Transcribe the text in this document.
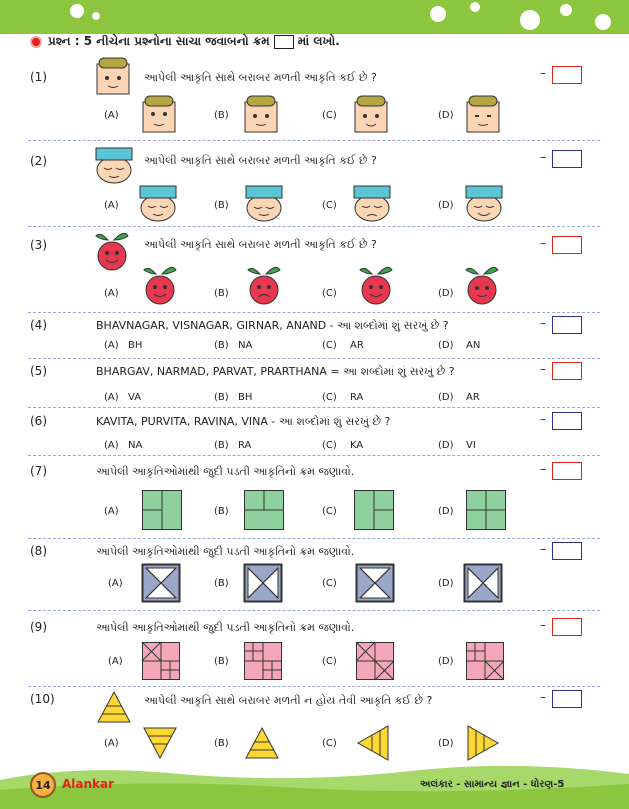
પ્રશ્ન : 5 નીચેના પ્રશ્નોના સાચા જવાબનો ક્રમ માં લખો.
(1)	આપેલી આકૃતિ સાથે બરાબર મળતી આકૃતિ કઈ છે ?	–
(A)	(B)	(C)	(D)
(2)	આપેલી આકૃતિ સાથે બરાબર મળતી આકૃતિ કઈ છે ?	–
(A)	(B)	(C)	(D)
(3)	આપેલી આકૃતિ સાથે બરાબર મળતી આકૃતિ કઈ છે ?	–
(A)	(B)	(C)	(D)
(4)	BHAVNAGAR, VISNAGAR, GIRNAR, ANAND - આ શબ્દોમાં શું સરખું છે ?	–
(A) BH	(B) NA	(C) AR	(D) AN
(5)	BHARGAV, NARMAD, PARVAT, PRARTHANA = આ શબ્દોમાં શું સરખું છે ?	–
(A) VA	(B) BH	(C) RA	(D) AR
(6)	KAVITA, PURVITA, RAVINA, VINA - આ શબ્દોમાં શું સરખું છે ?	–
(A) NA	(B) RA	(C) KA	(D) VI
(7)	આપેલી આકૃતિઓમાંથી જુદી પડતી આકૃતિનો ક્રમ જણાવો.	–
(A)	(B)	(C)	(D)
(8)	આપેલી આકૃતિઓમાંથી જુદી પડતી આકૃતિનો ક્રમ જણાવો.	–
(A)	(B)	(C)	(D)
(9)	આપેલી આકૃતિઓમાંથી જુદી પડતી આકૃતિનો ક્રમ જણાવો.	–
(A)	(B)	(C)	(D)
(10)	આપેલી આકૃતિ સાથે બરાબર મળતી ન હોય તેવી આકૃતિ કઈ છે ?	–
(A)	(B)	(C)	(D)
14 Alankar	અલંકાર - સામાન્ય જ્ઞાન - ધોરણ-5
